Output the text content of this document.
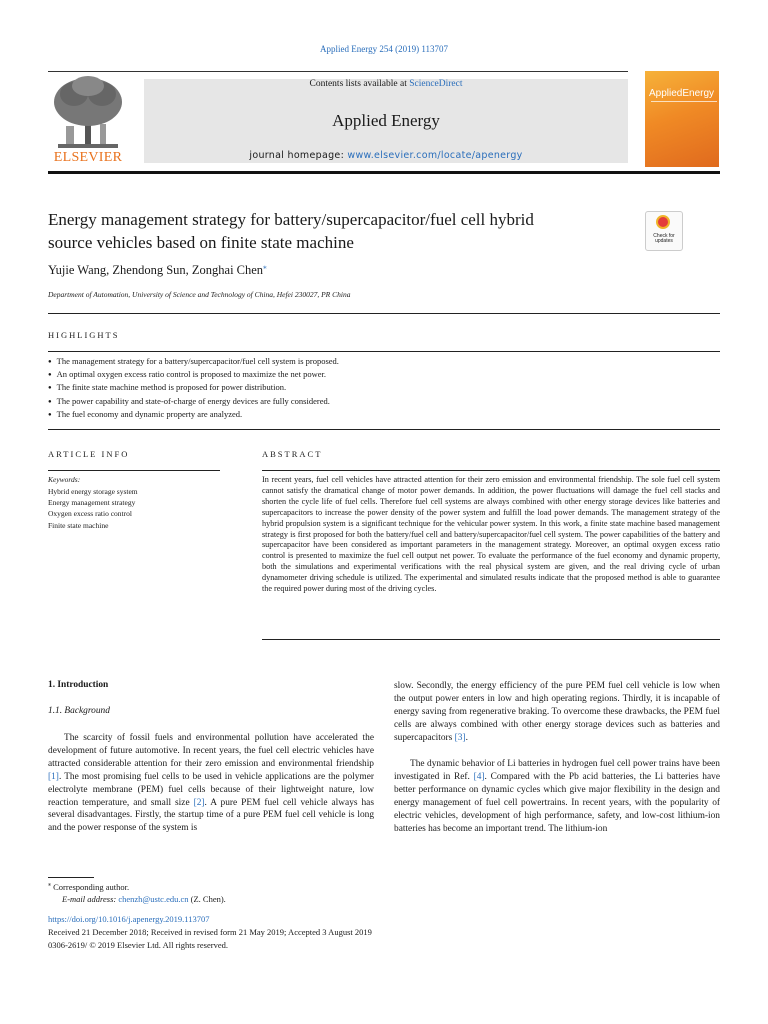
Applied Energy 254 (2019) 113707
ELSEVIER
Contents lists available at ScienceDirect
Applied Energy
journal homepage: www.elsevier.com/locate/apenergy
AppliedEnergy
Energy management strategy for battery/supercapacitor/fuel cell hybrid
source vehicles based on finite state machine	Check for updates
Yujie Wang, Zhendong Sun, Zonghai Chen⁎
Department of Automation, University of Science and Technology of China, Hefei 230027, PR China
HIGHLIGHTS
● The management strategy for a battery/supercapacitor/fuel cell system is proposed.
● An optimal oxygen excess ratio control is proposed to maximize the net power.
● The finite state machine method is proposed for power distribution.
● The power capability and state-of-charge of energy devices are fully considered.
● The fuel economy and dynamic property are analyzed.
ARTICLE INFO	ABSTRACT
Keywords:
Hybrid energy storage system
Energy management strategy
Oxygen excess ratio control
Finite state machine

In recent years, fuel cell vehicles have attracted attention for their zero emission and environmental friendship. The sole fuel cell system cannot satisfy the dramatical change of motor power demands. In addition, the power fluctuations will damage the fuel cell stacks and shorten the cycle life of fuel cells. Therefore fuel cell systems are always combined with other energy storage devices like batteries and supercapacitors to increase the power density of the power system and fulfill the load power demands. The management strategy of the hybrid propulsion system is a significant technique for the vehicular power system. In this work, a finite state machine based management strategy is first proposed for both the battery/fuel cell and battery/supercapacitor/fuel cell system. The power capabilities of the battery and supercapacitor have been considered as important parameters in the management strategy. Moreover, an optimal oxygen excess ratio control is presented to maximize the fuel cell output net power. To evaluate the performance of the fuel economy and dynamic property, both the simulations and experimental verifications with the real physical system are given, and the real driving cycle of urban dynamometer driving schedule is utilized. The experimental and simulated results indicate that the proposed method is able to guarantee the required power during most of the driving cycles.

1. Introduction
1.1. Background

The scarcity of fossil fuels and environmental pollution have accelerated the development of future automotive. In recent years, the fuel cell electric vehicles have attracted considerable attention for their zero emission and environmental friendship [1]. The most promising fuel cells to be used in vehicle applications are the polymer electrolyte membrane (PEM) fuel cells because of their lightweight nature, low reaction temperature, and small size [2]. A pure PEM fuel cell vehicle always has several disadvantages. Firstly, the startup time of a pure PEM fuel cell vehicle is long and the power response of the system is

slow. Secondly, the energy efficiency of the pure PEM fuel cell vehicle is low when the output power enters in low and high operating regions. Thirdly, it is incapable of energy saving from regenerative braking. To overcome these drawbacks, the PEM fuel cells are always combined with other energy storage devices such as batteries and supercapacitors [3].

The dynamic behavior of Li batteries in hydrogen fuel cell power trains have been investigated in Ref. [4]. Compared with the Pb acid batteries, the Li batteries have better performance on dynamic cycles which give major flexibility in the design and energy management of fuel cell powertrains. In recent years, with the popularity of electric vehicles, development of high performance, safety, and low-cost lithium-ion batteries has become an important trend. The lithium-ion

⁎ Corresponding author.
E-mail address: chenzh@ustc.edu.cn (Z. Chen).
https://doi.org/10.1016/j.apenergy.2019.113707
Received 21 December 2018; Received in revised form 21 May 2019; Accepted 3 August 2019
0306-2619/ © 2019 Elsevier Ltd. All rights reserved.
